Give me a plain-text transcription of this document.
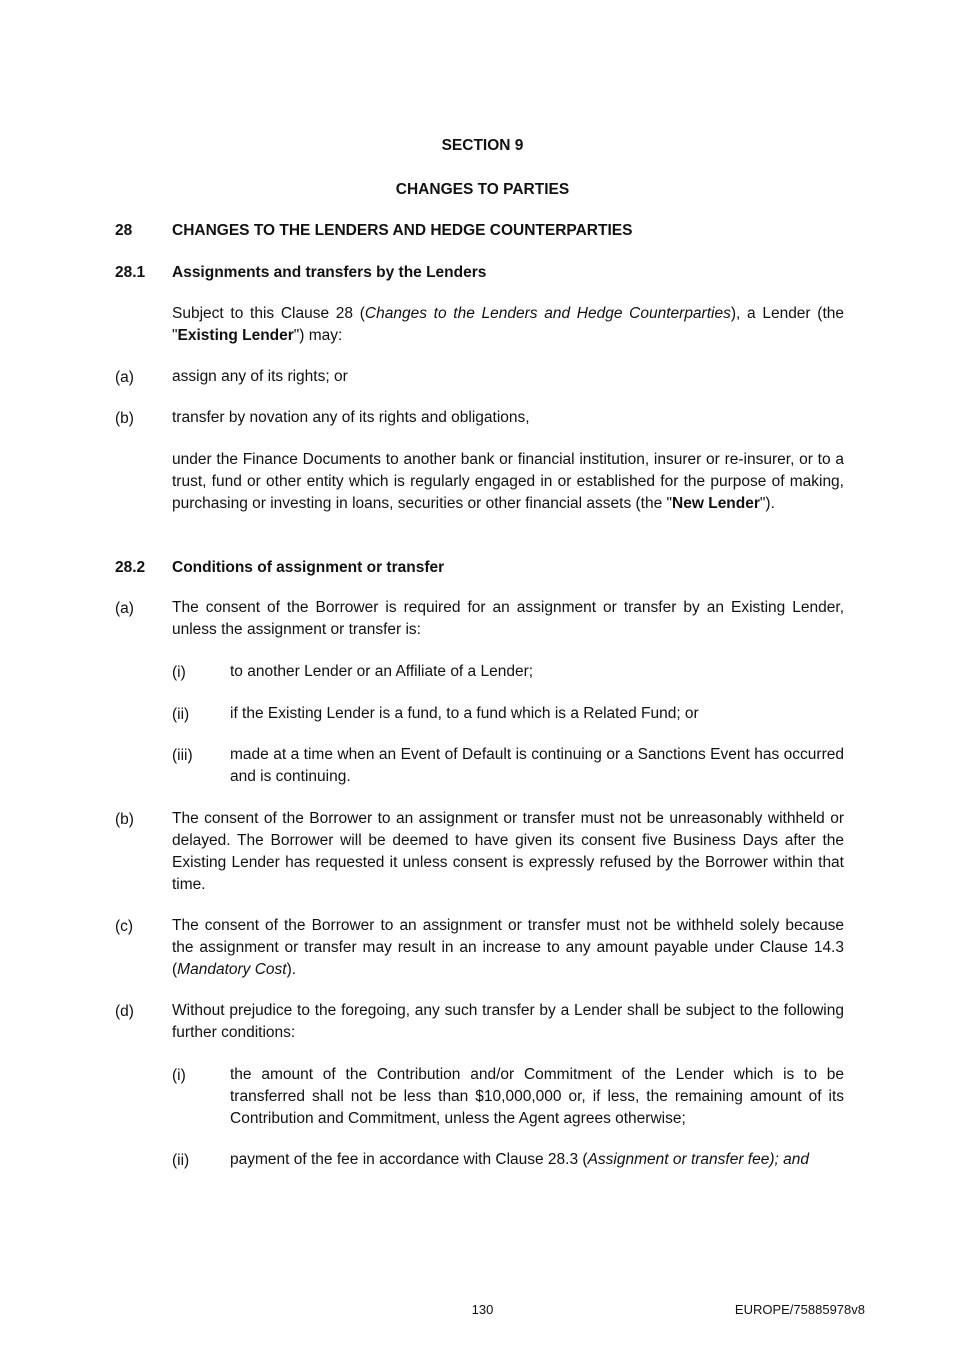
SECTION 9
CHANGES TO PARTIES
28	CHANGES TO THE LENDERS AND HEDGE COUNTERPARTIES
28.1 Assignments and transfers by the Lenders
Subject to this Clause 28 (Changes to the Lenders and Hedge Counterparties), a Lender (the "Existing Lender") may:
(a) assign any of its rights; or
(b) transfer by novation any of its rights and obligations,
under the Finance Documents to another bank or financial institution, insurer or re-insurer, or to a trust, fund or other entity which is regularly engaged in or established for the purpose of making, purchasing or investing in loans, securities or other financial assets (the "New Lender").
28.2 Conditions of assignment or transfer
(a) The consent of the Borrower is required for an assignment or transfer by an Existing Lender, unless the assignment or transfer is:
(i)	to another Lender or an Affiliate of a Lender;
(ii)	if the Existing Lender is a fund, to a fund which is a Related Fund; or
(iii) made at a time when an Event of Default is continuing or a Sanctions Event has occurred and is continuing.
(b) The consent of the Borrower to an assignment or transfer must not be unreasonably withheld or delayed. The Borrower will be deemed to have given its consent five Business Days after the Existing Lender has requested it unless consent is expressly refused by the Borrower within that time.
(c)	The consent of the Borrower to an assignment or transfer must not be withheld solely because the assignment or transfer may result in an increase to any amount payable under Clause 14.3 (Mandatory Cost).
(d) Without prejudice to the foregoing, any such transfer by a Lender shall be subject to the following further conditions:
(i)	the amount of the Contribution and/or Commitment of the Lender which is to be transferred shall not be less than $10,000,000 or, if less, the remaining amount of its Contribution and Commitment, unless the Agent agrees otherwise;
(ii)	payment of the fee in accordance with Clause 28.3 (Assignment or transfer fee); and
130	EUROPE/75885978v8
